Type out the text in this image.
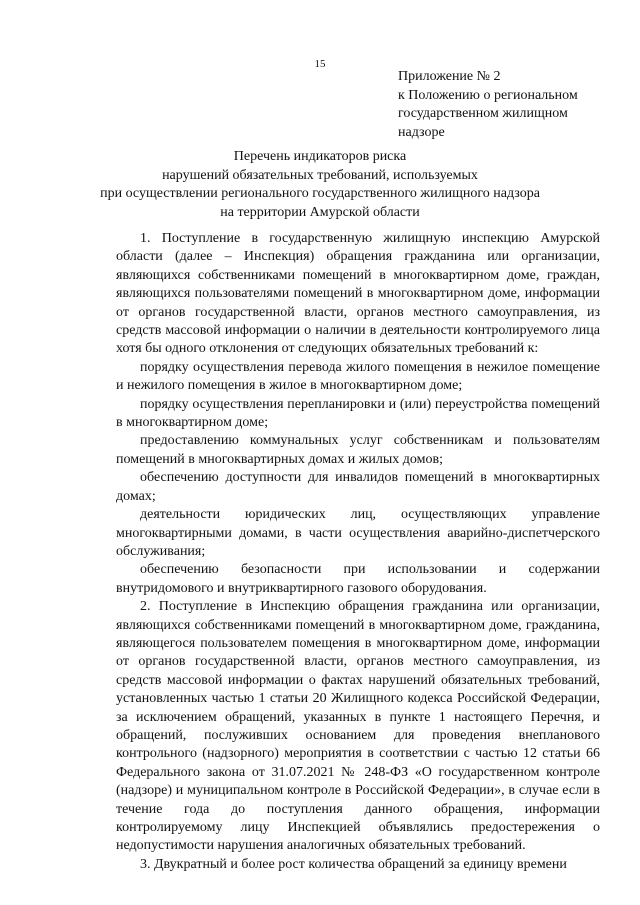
15
Приложение № 2
к Положению о региональном
государственном жилищном
надзоре
Перечень индикаторов риска
нарушений обязательных требований, используемых
при осуществлении регионального государственного жилищного надзора
на территории Амурской области

1. Поступление в государственную жилищную инспекцию Амурской области (далее – Инспекция) обращения гражданина или организации, являющихся собственниками помещений в многоквартирном доме, граждан, являющихся пользователями помещений в многоквартирном доме, информации от органов государственной власти, органов местного самоуправления, из средств массовой информации о наличии в деятельности контролируемого лица хотя бы одного отклонения от следующих обязательных требований к:

порядку осуществления перевода жилого помещения в нежилое помещение и нежилого помещения в жилое в многоквартирном доме;

порядку осуществления перепланировки и (или) переустройства помещений в многоквартирном доме;

предоставлению коммунальных услуг собственникам и пользователям помещений в многоквартирных домах и жилых домов;

обеспечению доступности для инвалидов помещений в многоквартирных домах;

деятельности юридических лиц, осуществляющих управление многоквартирными домами, в части осуществления аварийно-диспетчерского обслуживания;

обеспечению безопасности при использовании и содержании внутридомового и внутриквартирного газового оборудования.

2. Поступление в Инспекцию обращения гражданина или организации, являющихся собственниками помещений в многоквартирном доме, гражданина, являющегося пользователем помещения в многоквартирном доме, информации от органов государственной власти, органов местного самоуправления, из средств массовой информации о фактах нарушений обязательных требований, установленных частью 1 статьи 20 Жилищного кодекса Российской Федерации, за исключением обращений, указанных в пункте 1 настоящего Перечня, и обращений, послуживших основанием для проведения внепланового контрольного (надзорного) мероприятия в соответствии с частью 12 статьи 66 Федерального закона от 31.07.2021 № 248-ФЗ «О государственном контроле (надзоре) и муниципальном контроле в Российской Федерации», в случае если в течение года до поступления данного обращения, информации контролируемому лицу Инспекцией объявлялись предостережения о недопустимости нарушения аналогичных обязательных требований.

3. Двукратный и более рост количества обращений за единицу времени
